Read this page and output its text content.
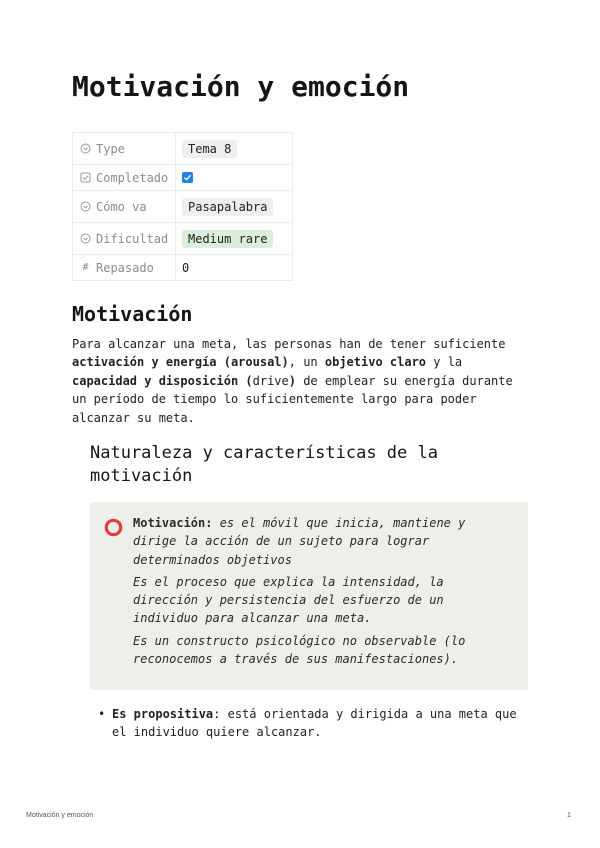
Motivación y emoción
Type	Tema 8

Completado

Cómo va	Pasapalabra

Dificultad	Medium rare

# Repasado	0
Motivación

Para alcanzar una meta, las personas han de tener suficiente activación y energía (arousal), un objetivo claro y la capacidad y disposición (drive) de emplear su energía durante un período de tiempo lo suficientemente largo para poder alcanzar su meta.

Naturaleza y características de la motivación

Motivación: es el móvil que inicia, mantiene y dirige la acción de un sujeto para lograr determinados objetivos

Es el proceso que explica la intensidad, la dirección y persistencia del esfuerzo de un individuo para alcanzar una meta.

Es un constructo psicológico no observable (lo reconocemos a través de sus manifestaciones).

• Es propositiva: está orientada y dirigida a una meta que el individuo quiere alcanzar.
Motivación y emoción	1
